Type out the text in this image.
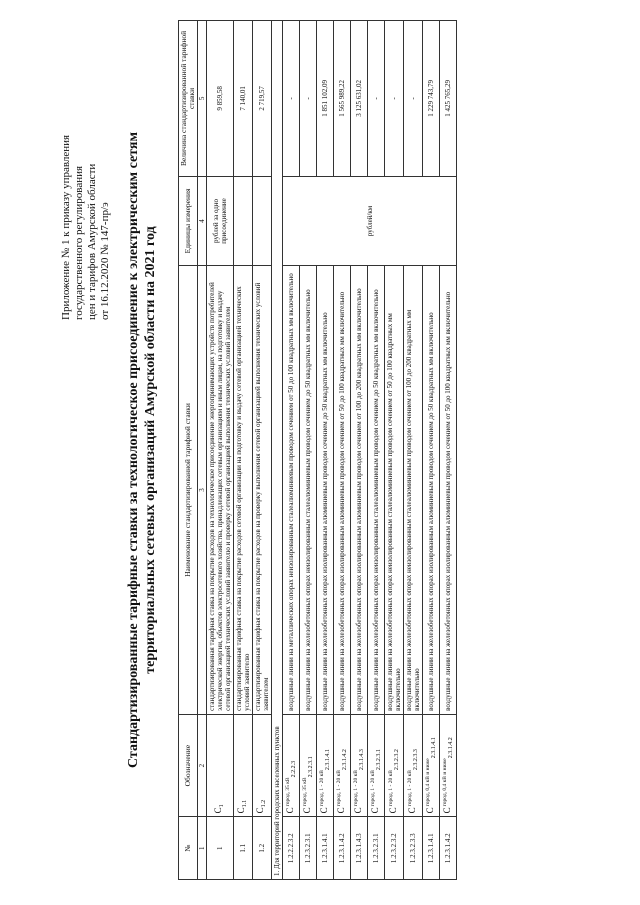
Приложение № 1 к приказу управления государственного регулирования цен и тарифов Амурской области от 16.12.2020 № 147-пр/э Стандартизированные тарифные ставки за технологическое присоединение к электрическим сетям территориальных сетевых организаций Амурской области на 2021 год
№	Обозначение	Наименование стандартизированной тарифной ставки	Единицы измерения	Величина стандартизированной тарифной ставки
1	2	3	4	5
1	C1	стандартизированная тарифная ставка на покрытие расходов на технологическое присоединение энергопринимающих устройств потребителей электрической энергии, объектов электросетевого хозяйства, принадлежащих сетевым организациям и иным лицам, на подготовку и выдачу сетевой организацией технических условий заявителю и проверку сетевой организацией выполнения технических условий заявителем	рублей за одно присоединение	9 859,58
1.1	C1.1	стандартизированная тарифная ставка на покрытие расходов сетевой организации на подготовку и выдачу сетевой организацией технических условий заявителю		7 140,01
1.2	C1.2	стандартизированная тарифная ставка на покрытие расходов на проверку выполнения сетевой организацией выполнения технических условий заявителем		2 719,57
1. Для территорий городских населенных пунктов				
1.2.2.2.3.2	$C^{город, 35 кВ}2.2.2.3$	воздушные линии на металлических опорах неизолированным сталеалюминиевым проводом сечением от 50 до 100 квадратных мм включительно	рублей/км	-
1.2.3.2.3.1	$C^{город, 35 кВ}2.3.2.3.1$	воздушные линии на железобетонных опорах неизолированным сталеалюминиевым проводом сечением до 50 квадратных мм включительно		-
1.2.3.1.4.1	$C^{город, 1 - 20 кВ}2.3.1.4.1$	воздушные линии на железобетонных опорах изолированным алюминиевым проводом сечением до 50 квадратных мм включительно		1 851 102,09
1.2.3.1.4.2	$C^{город, 1 - 20 кВ}2.3.1.4.2$	воздушные линии на железобетонных опорах изолированным алюминиевым проводом сечением от 50 до 100 квадратных мм включительно		1 565 989,22
1.2.3.1.4.3	$C^{город, 1 - 20 кВ}2.3.1.4.3$	воздушные линии на железобетонных опорах изолированным алюминиевым проводом сечением от 100 до 200 квадратных мм включительно		3 125 631,02
1.2.3.2.3.1	$C^{город, 1 - 20 кВ}2.3.2.3.1$	воздушные линии на железобетонных опорах неизолированным сталеалюминиевым проводом сечением до 50 квадратных мм включительно		-
1.2.3.2.3.2	$C^{город, 1 - 20 кВ}2.3.2.3.2$	воздушные линии на железобетонных опорах неизолированным сталеалюминиевым проводом сечением от 50 до 100 квадратных мм включительно		-
1.2.3.2.3.3	$C^{город, 1 - 20 кВ}2.3.2.3.3$	воздушные линии на железобетонных опорах неизолированным сталеалюминиевым проводом сечением от 100 до 200 квадратных мм включительно		-
1.2.3.1.4.1	$C^{город, 0,4 кВ и ниже}2.3.1.4.1$	воздушные линии на железобетонных опорах изолированным алюминиевым проводом сечением до 50 квадратных мм включительно		1 229 743,79
1.2.3.1.4.2	$C^{город, 0,4 кВ и ниже}2.3.1.4.2$	воздушные линии на железобетонных опорах изолированным алюминиевым проводом сечением от 50 до 100 квадратных мм включительно		1 425 765,29
